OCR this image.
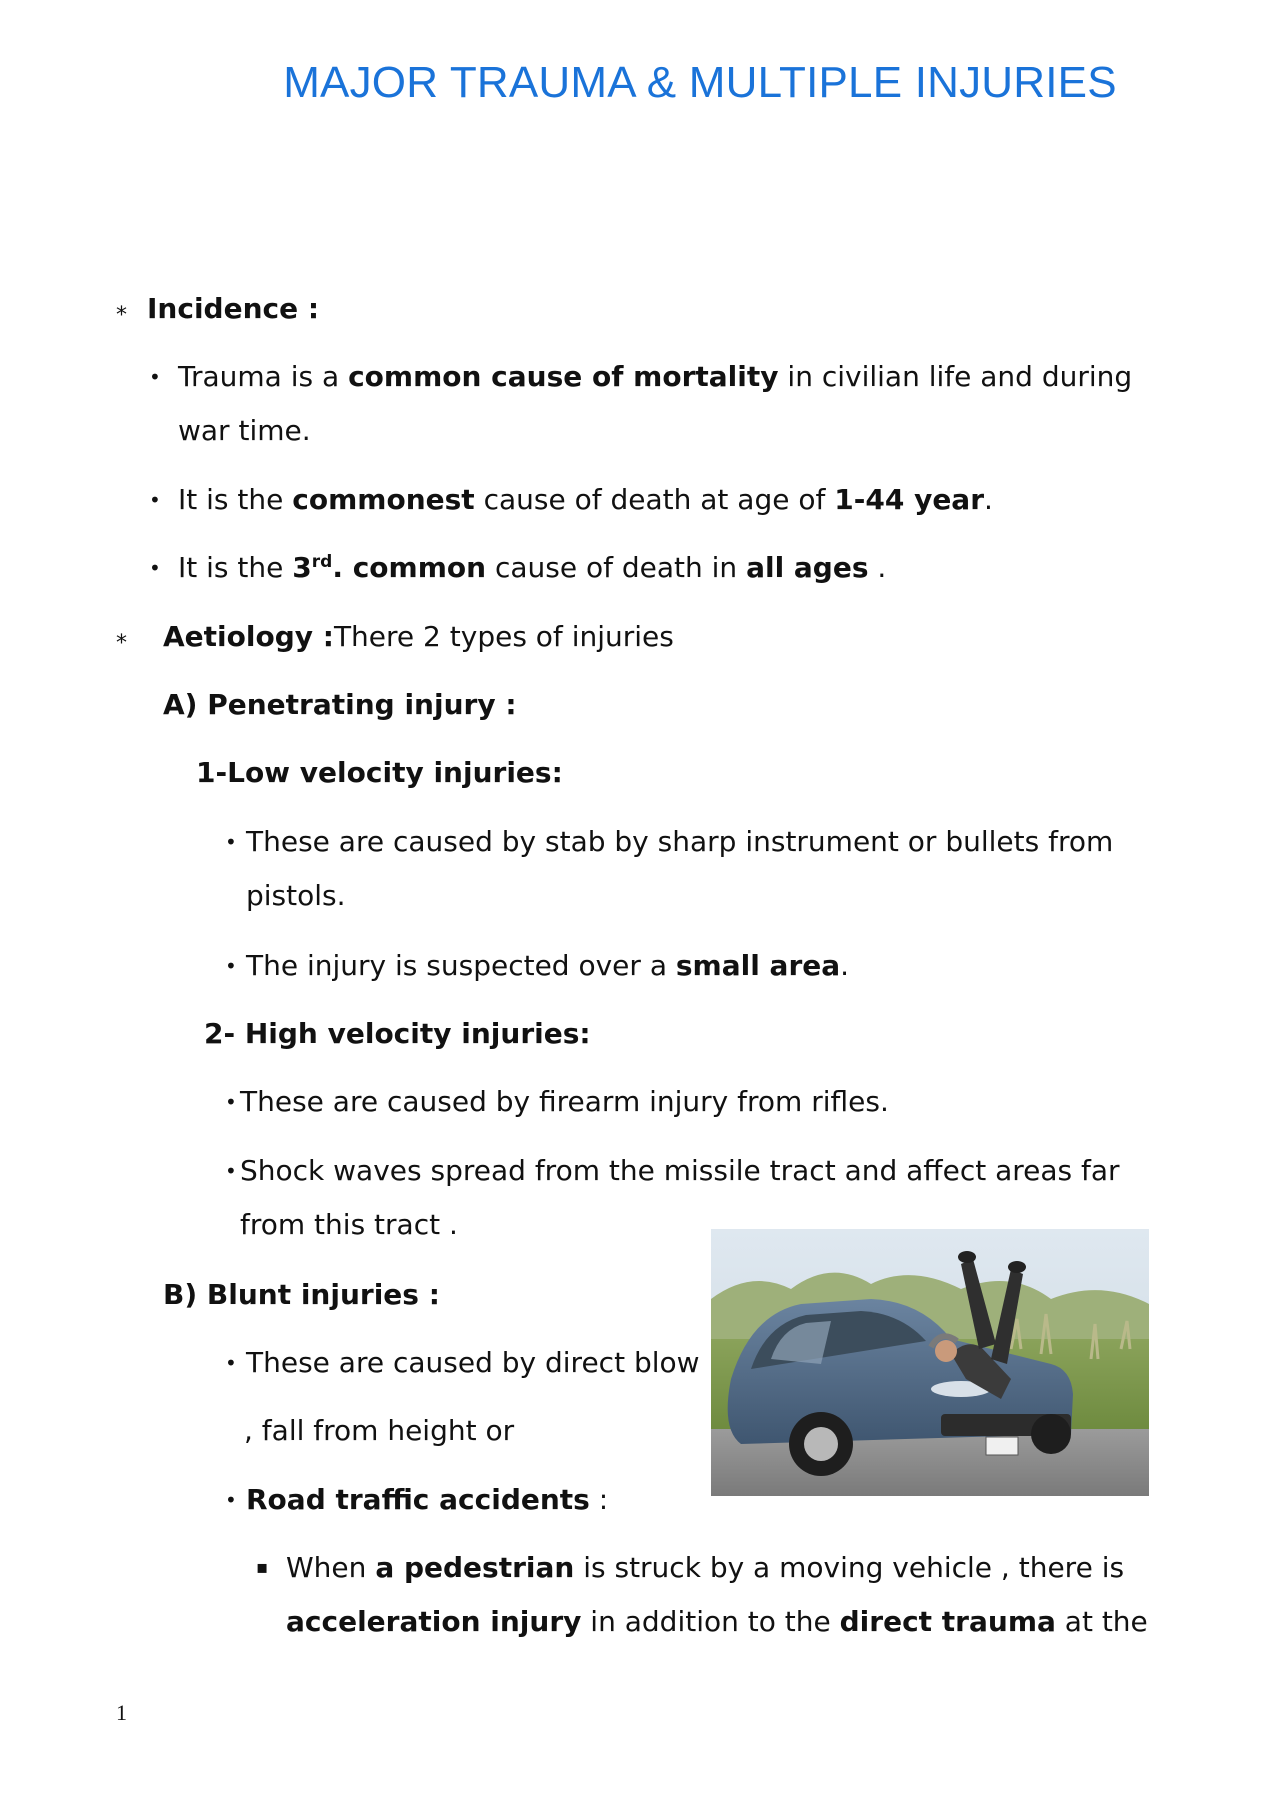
MAJOR TRAUMA & MULTIPLE INJURIES
⁎ Incidence :
• Trauma is a common cause of mortality in civilian life and during
war time.
• It is the commonest cause of death at age of 1-44 year.
• It is the 3rd. common cause of death in all ages .
⁎ Aetiology :There 2 types of injuries
A) Penetrating injury :
1-Low velocity injuries:
• These are caused by stab by sharp instrument or bullets from
pistols.
• The injury is suspected over a small area.
2- High velocity injuries:
• These are caused by firearm injury from rifles.
• Shock waves spread from the missile tract and affect areas far
from this tract .
B) Blunt injuries :
• These are caused by direct blow
, fall from height or
• Road traffic accidents :
▪ When a pedestrian is struck by a moving vehicle , there is
acceleration injury in addition to the direct trauma at the
1
